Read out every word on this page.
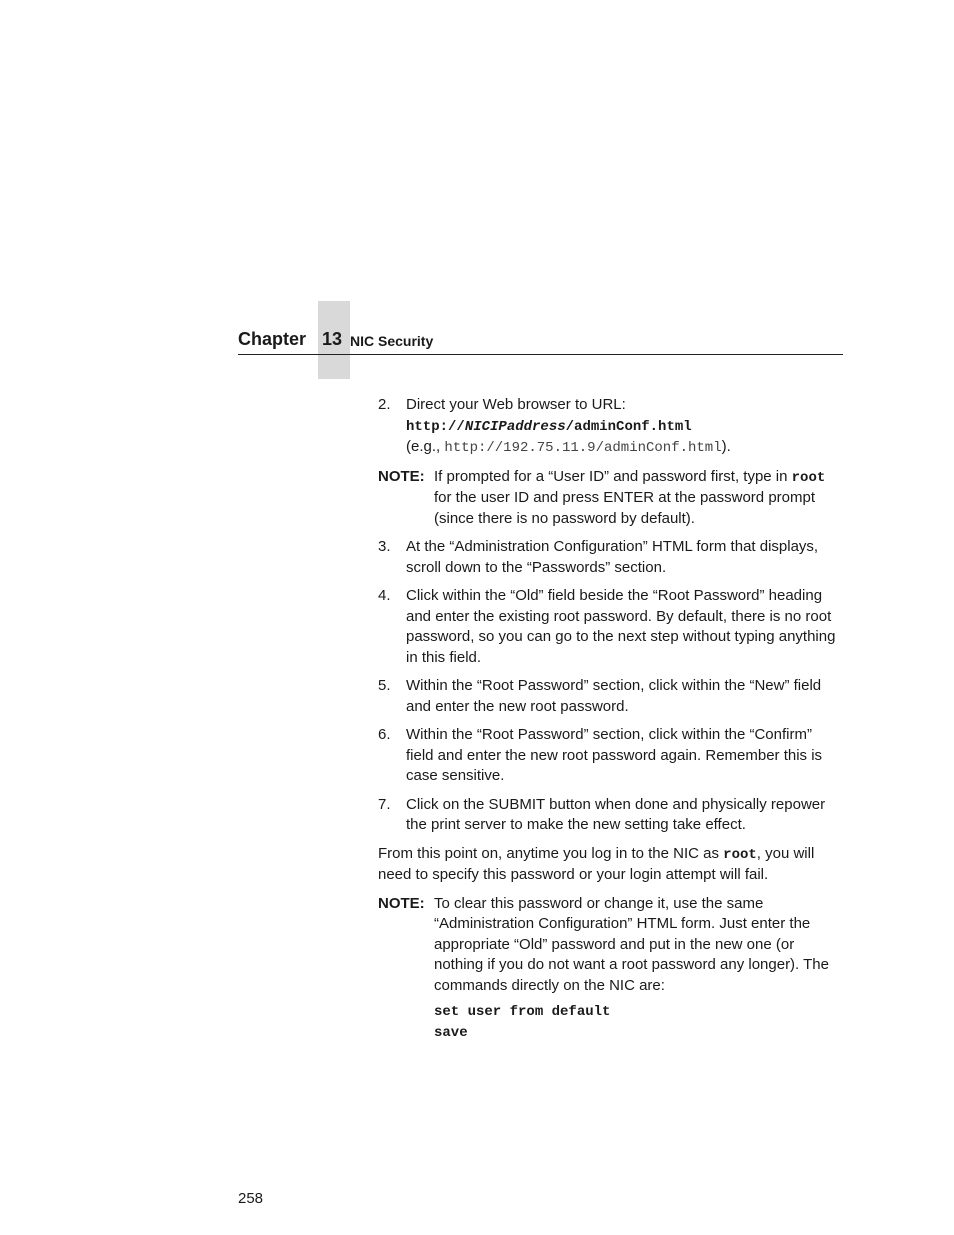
Chapter 13 NIC Security
2.	Direct your Web browser to URL:
http://NICIPaddress/adminConf.html
(e.g., http://192.75.11.9/adminConf.html).
NOTE: If prompted for a “User ID” and password first, type in root for the user ID and press ENTER at the password prompt (since there is no password by default).
3.	At the “Administration Configuration” HTML form that displays, scroll down to the “Passwords” section.
4.	Click within the “Old” field beside the “Root Password” heading and enter the existing root password. By default, there is no root password, so you can go to the next step without typing anything in this field.
5.	Within the “Root Password” section, click within the “New” field and enter the new root password.
6.	Within the “Root Password” section, click within the “Confirm” field and enter the new root password again. Remember this is case sensitive.
7.	Click on the SUBMIT button when done and physically repower the print server to make the new setting take effect.
From this point on, anytime you log in to the NIC as root, you will need to specify this password or your login attempt will fail.
NOTE: To clear this password or change it, use the same “Administration Configuration” HTML form. Just enter the appropriate “Old” password and put in the new one (or nothing if you do not want a root password any longer). The commands directly on the NIC are:
set user from default
save
258
